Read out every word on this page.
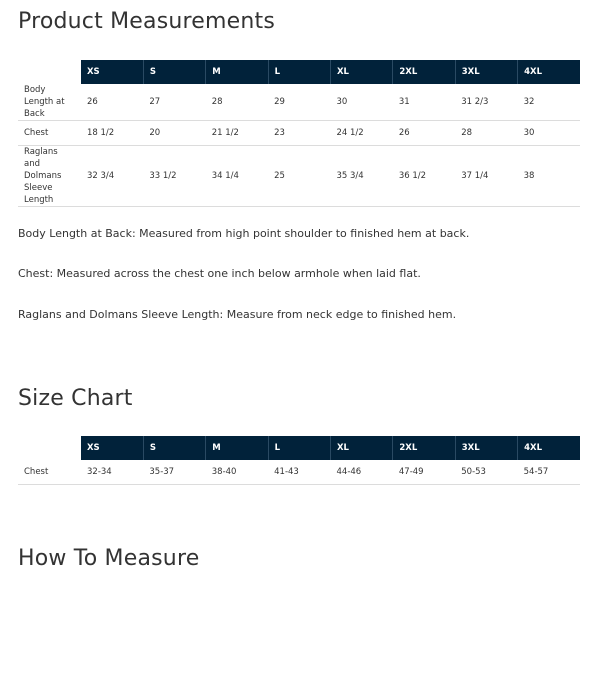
Product Measurements
	XS	S	M	L	XL	2XL	3XL	4XL
Body
Length at
Back	26	27	28	29	30	31	31 2/3	32
Chest	18 1/2	20	21 1/2	23	24 1/2	26	28	30
Raglans
and
Dolmans
Sleeve
Length	32 3/4	33 1/2	34 1/4	25	35 3/4	36 1/2	37 1/4	38

Body Length at Back: Measured from high point shoulder to finished hem at back.

Chest: Measured across the chest one inch below armhole when laid flat.

Raglans and Dolmans Sleeve Length: Measure from neck edge to finished hem.

Size Chart
	XS	S	M	L	XL	2XL	3XL	4XL
Chest	32-34	35-37	38-40	41-43	44-46	47-49	50-53	54-57
How To Measure
